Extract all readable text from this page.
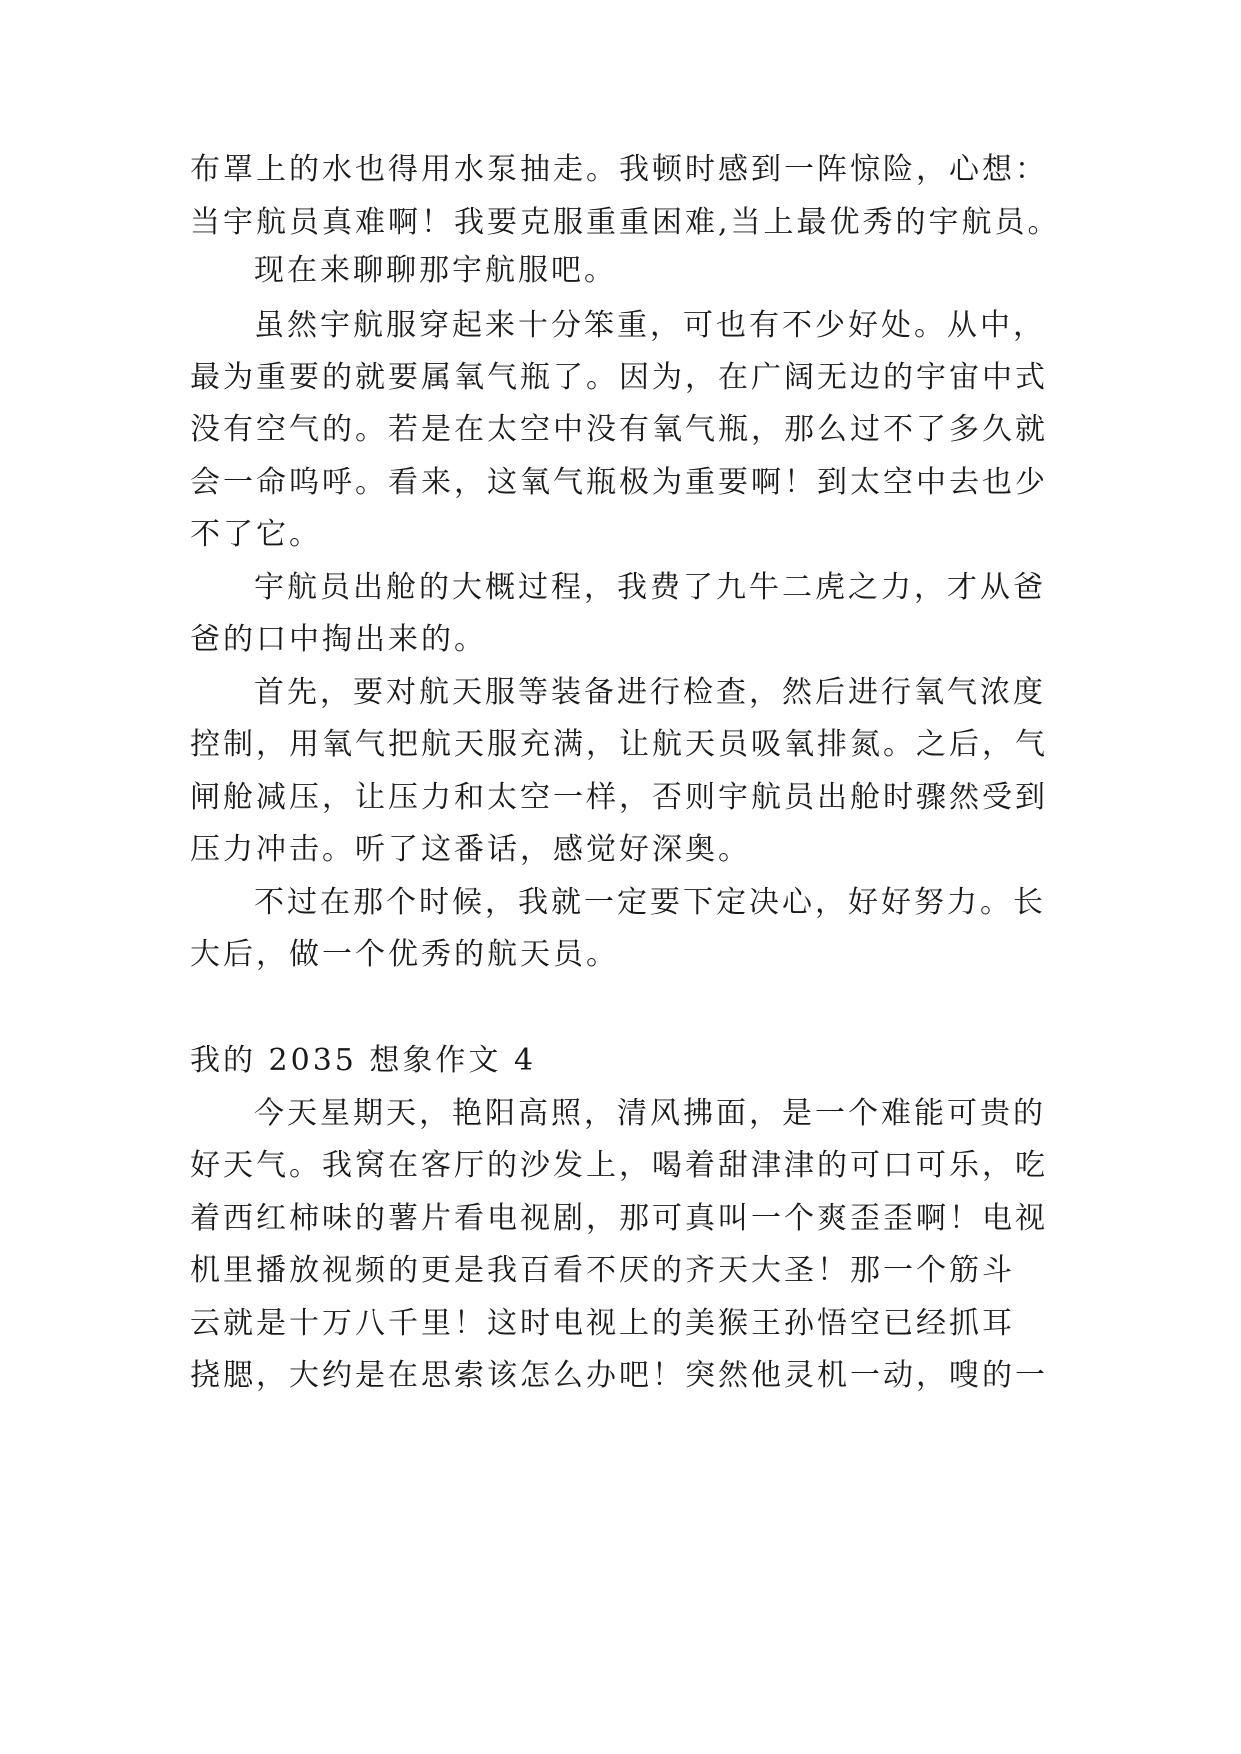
布罩上的水也得用水泵抽走。我顿时感到一阵惊险，心想：
当宇航员真难啊！我要克服重重困难,当上最优秀的宇航员。
现在来聊聊那宇航服吧。
虽然宇航服穿起来十分笨重，可也有不少好处。从中，
最为重要的就要属氧气瓶了。因为，在广阔无边的宇宙中式
没有空气的。若是在太空中没有氧气瓶，那么过不了多久就
会一命呜呼。看来，这氧气瓶极为重要啊！到太空中去也少
不了它。
宇航员出舱的大概过程，我费了九牛二虎之力，才从爸
爸的口中掏出来的。
首先，要对航天服等装备进行检查，然后进行氧气浓度
控制，用氧气把航天服充满，让航天员吸氧排氮。之后，气
闸舱减压，让压力和太空一样，否则宇航员出舱时骤然受到
压力冲击。听了这番话，感觉好深奥。
不过在那个时候，我就一定要下定决心，好好努力。长
大后，做一个优秀的航天员。
我的 2035 想象作文 4
今天星期天，艳阳高照，清风拂面，是一个难能可贵的
好天气。我窝在客厅的沙发上，喝着甜津津的可口可乐，吃
着西红柿味的薯片看电视剧，那可真叫一个爽歪歪啊！电视
机里播放视频的更是我百看不厌的齐天大圣！那一个筋斗
云就是十万八千里！这时电视上的美猴王孙悟空已经抓耳
挠腮，大约是在思索该怎么办吧！突然他灵机一动，嗖的一
